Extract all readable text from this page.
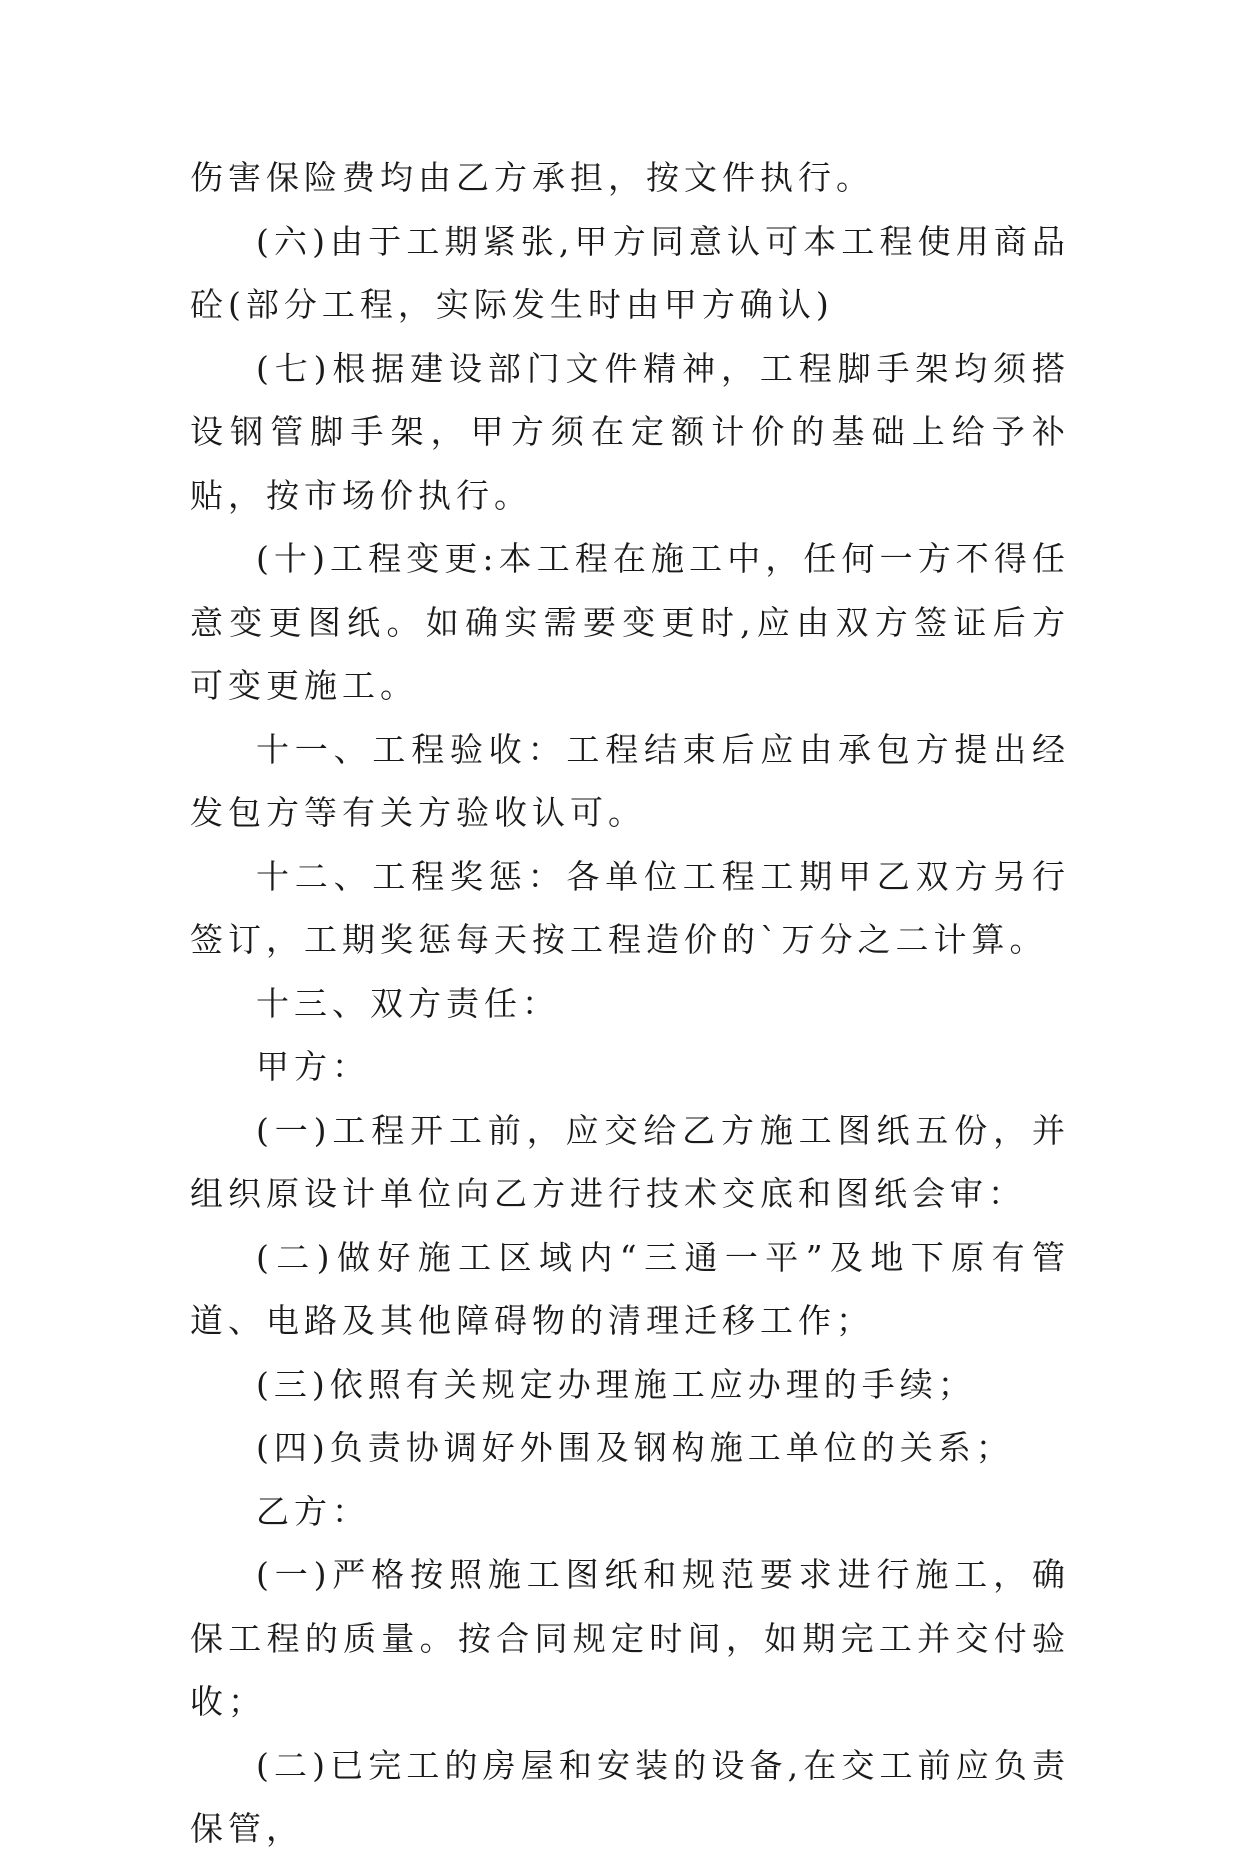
伤害保险费均由乙方承担，按文件执行。

(六)由于工期紧张,甲方同意认可本工程使用商品砼(部分工程，实际发生时由甲方确认)

(七)根据建设部门文件精神，工程脚手架均须搭设钢管脚手架，甲方须在定额计价的基础上给予补贴，按市场价执行。

(十)工程变更:本工程在施工中，任何一方不得任意变更图纸。如确实需要变更时,应由双方签证后方可变更施工。

十一、工程验收：工程结束后应由承包方提出经发包方等有关方验收认可。

十二、工程奖惩：各单位工程工期甲乙双方另行签订，工期奖惩每天按工程造价的`万分之二计算。

十三、双方责任：

甲方：

(一)工程开工前，应交给乙方施工图纸五份，并组织原设计单位向乙方进行技术交底和图纸会审：

(二)做好施工区域内“三通一平”及地下原有管道、电路及其他障碍物的清理迁移工作；

(三)依照有关规定办理施工应办理的手续；

(四)负责协调好外围及钢构施工单位的关系；

乙方：

(一)严格按照施工图纸和规范要求进行施工，确保工程的质量。按合同规定时间，如期完工并交付验收；

(二)已完工的房屋和安装的设备,在交工前应负责保管，
